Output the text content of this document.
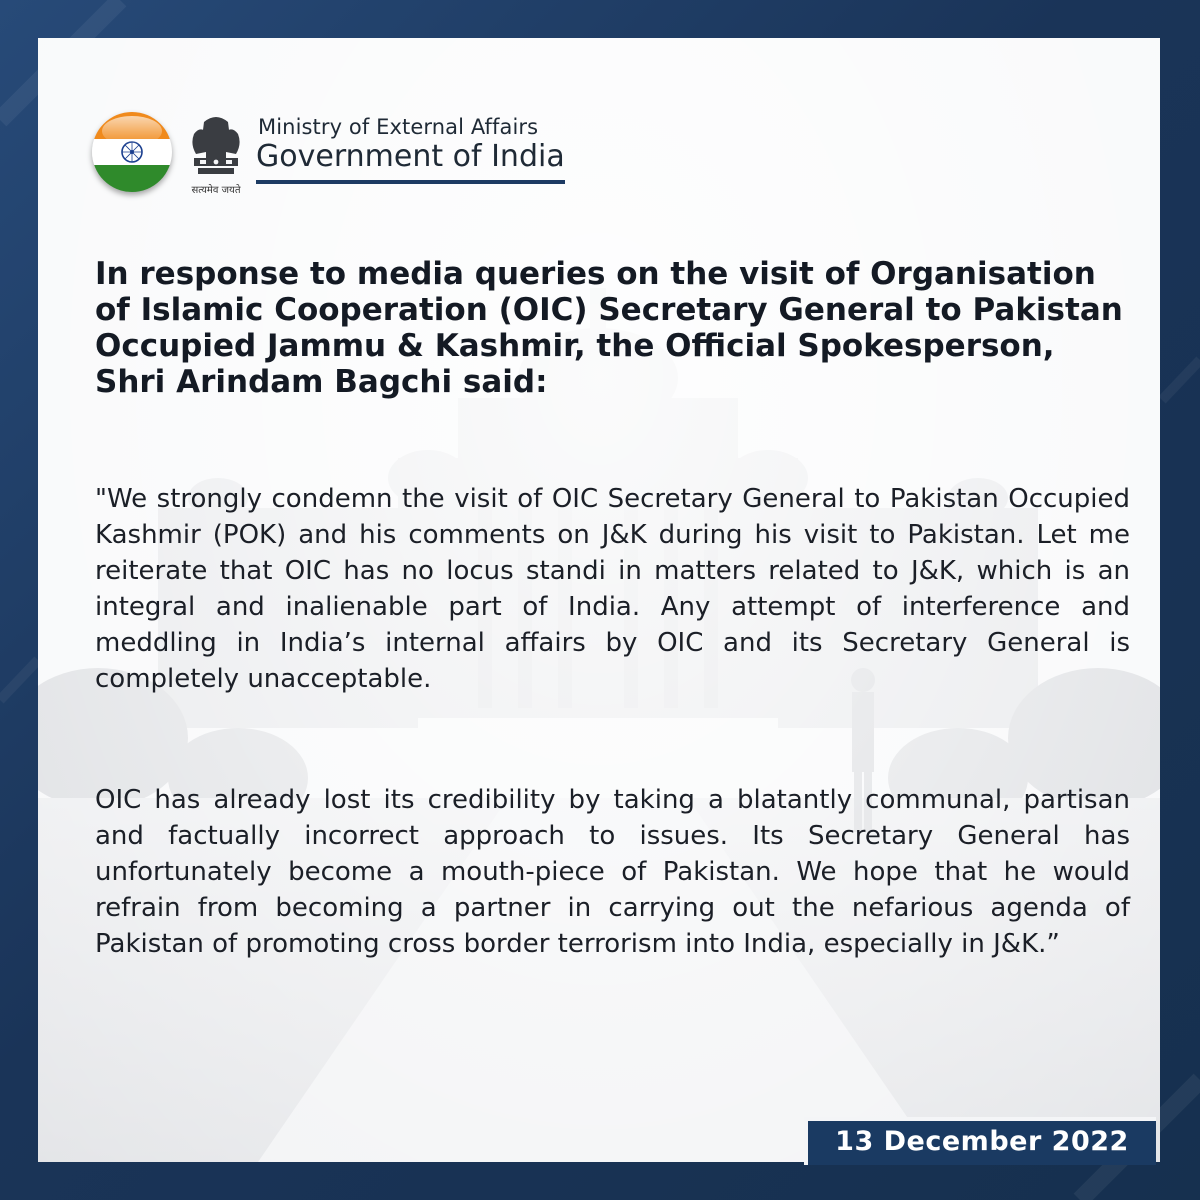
सत्यमेव जयते
Ministry of External Affairs
Government of India

In response to media queries on the visit of Organisation of Islamic Cooperation (OIC) Secretary General to Pakistan Occupied Jammu & Kashmir, the Official Spokesperson, Shri Arindam Bagchi said:

"We strongly condemn the visit of OIC Secretary General to Pakistan Occupied Kashmir (POK) and his comments on J&K during his visit to Pakistan. Let me reiterate that OIC has no locus standi in matters related to J&K, which is an integral and inalienable part of India. Any attempt of interference and meddling in India’s internal affairs by OIC and its Secretary General is completely unacceptable.

OIC has already lost its credibility by taking a blatantly communal, partisan and factually incorrect approach to issues. Its Secretary General has unfortunately become a mouth-piece of Pakistan. We hope that he would refrain from becoming a partner in carrying out the nefarious agenda of Pakistan of promoting cross border terrorism into India, especially in J&K.”

13 December 2022
